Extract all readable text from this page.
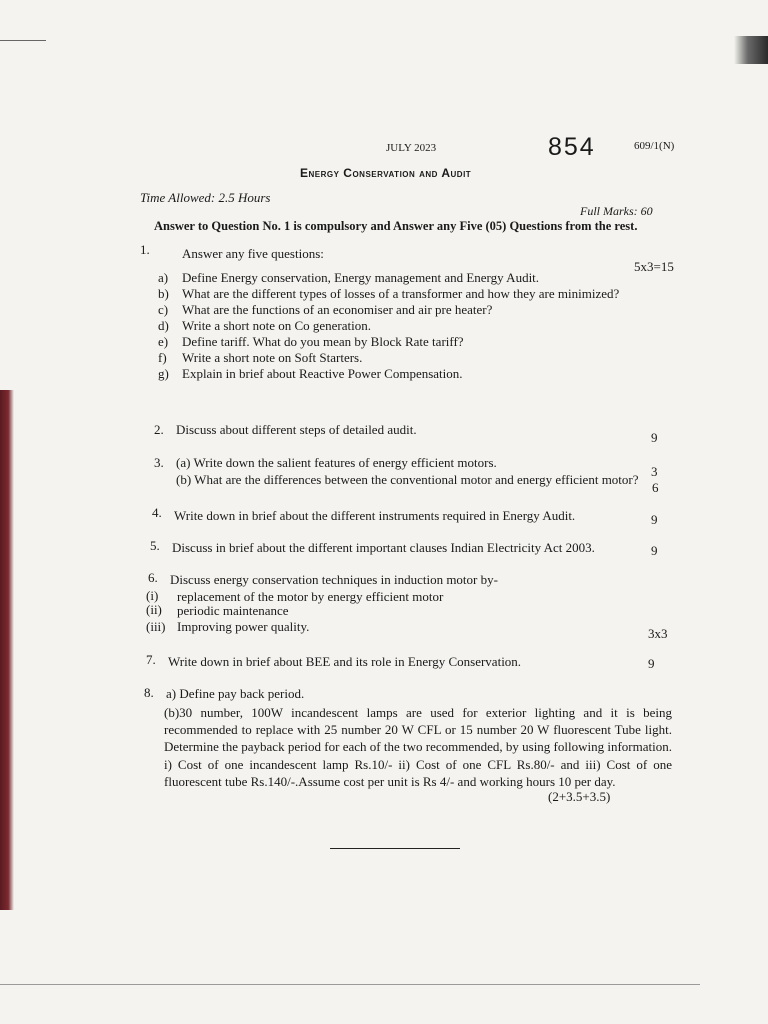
JULY 2023	854	609/1(N)
Energy Conservation and Audit
Time Allowed: 2.5 Hours
Full Marks: 60
Answer to Question No. 1 is compulsory and Answer any Five (05) Questions from the rest.
1. Answer any five questions:
5x3=15
a) Define Energy conservation, Energy management and Energy Audit.
b) What are the different types of losses of a transformer and how they are minimized?
c) What are the functions of an economiser and air pre heater?
d) Write a short note on Co generation.
e) Define tariff. What do you mean by Block Rate tariff?
f) Write a short note on Soft Starters.
g) Explain in brief about Reactive Power Compensation.
2. Discuss about different steps of detailed audit.
9
3. (a) Write down the salient features of energy efficient motors.
3
(b) What are the differences between the conventional motor and energy efficient motor?
6
4. Write down in brief about the different instruments required in Energy Audit.	9
5. Discuss in brief about the different important clauses Indian Electricity Act 2003.	9
6. Discuss energy conservation techniques in induction motor by-
(i) replacement of the motor by energy efficient motor
(ii) periodic maintenance
(iii) Improving power quality.	3x3
7. Write down in brief about BEE and its role in Energy Conservation.	9
8. a) Define pay back period.
(b)30 number, 100W incandescent lamps are used for exterior lighting and it is being recommended to replace with 25 number 20 W CFL or 15 number 20 W fluorescent Tube light. Determine the payback period for each of the two recommended, by using following information. i) Cost of one incandescent lamp Rs.10/- ii) Cost of one CFL Rs.80/- and iii) Cost of one fluorescent tube Rs.140/-.Assume cost per unit is Rs 4/- and working hours 10 per day.
(2+3.5+3.5)
